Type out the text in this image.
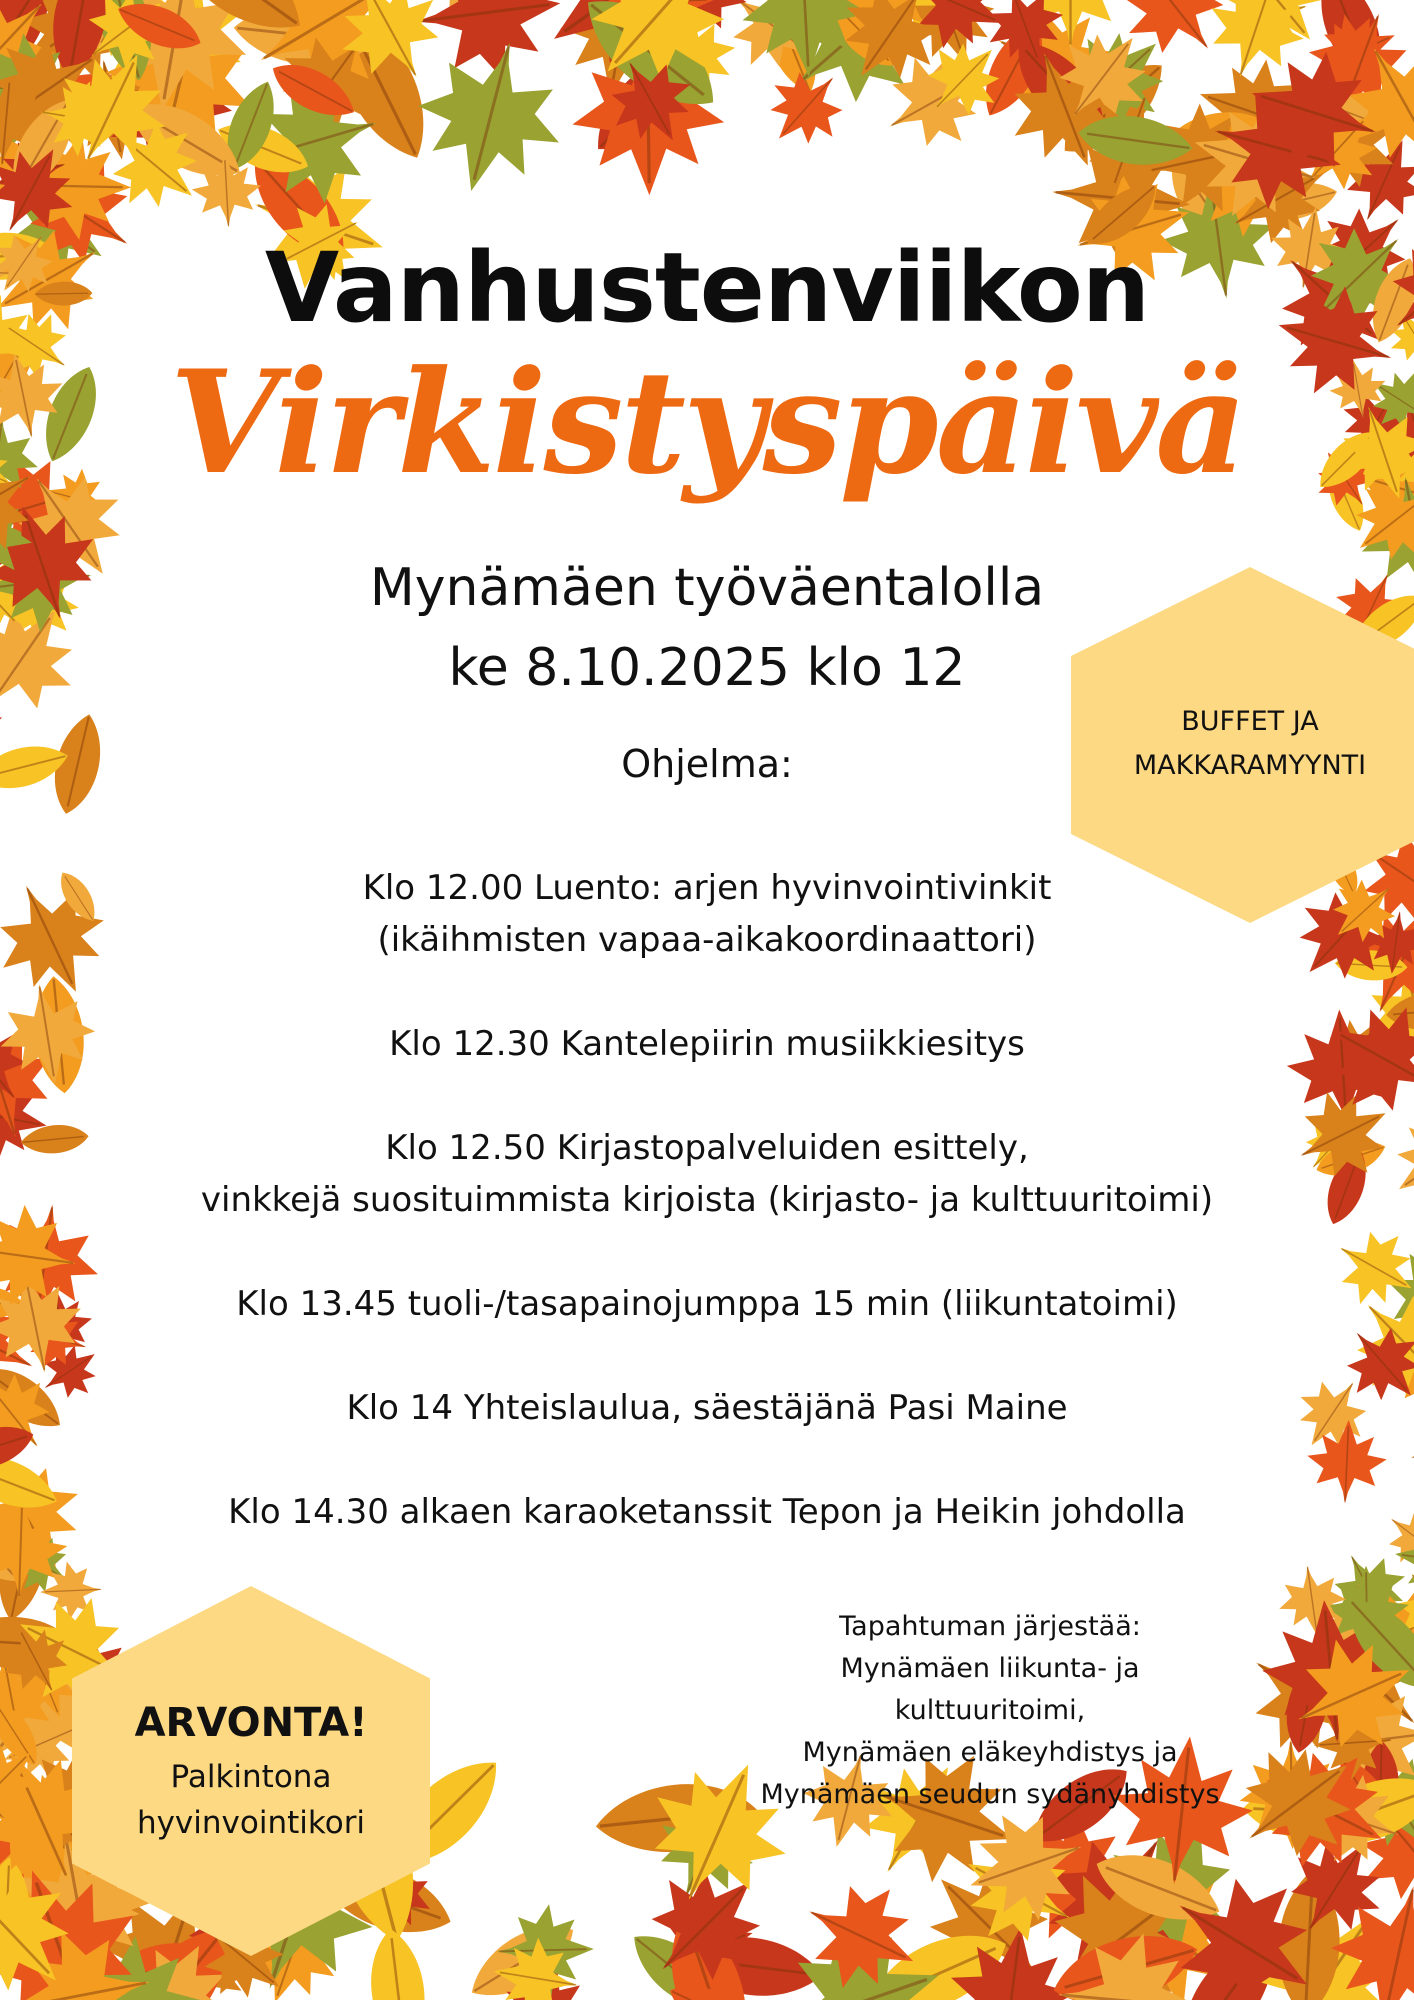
Vanhustenviikon
Virkistyspäivä
Mynämäen työväentalolla
ke 8.10.2025 klo 12
Ohjelma:
Klo 12.00 Luento: arjen hyvinvointivinkit
(ikäihmisten vapaa-aikakoordinaattori)
Klo 12.30 Kantelepiirin musiikkiesitys
Klo 12.50 Kirjastopalveluiden esittely,
vinkkejä suosituimmista kirjoista (kirjasto- ja kulttuuritoimi)
Klo 13.45 tuoli-/tasapainojumppa 15 min (liikuntatoimi)
Klo 14 Yhteislaulua, säestäjänä Pasi Maine
Klo 14.30 alkaen karaoketanssit Tepon ja Heikin johdolla
BUFFET JA
MAKKARAMYYNTI
ARVONTA!
Palkintona
hyvinvointikori
Tapahtuman järjestää:
Mynämäen liikunta- ja
kulttuuritoimi,
Mynämäen eläkeyhdistys ja
Mynämäen seudun sydänyhdistys
